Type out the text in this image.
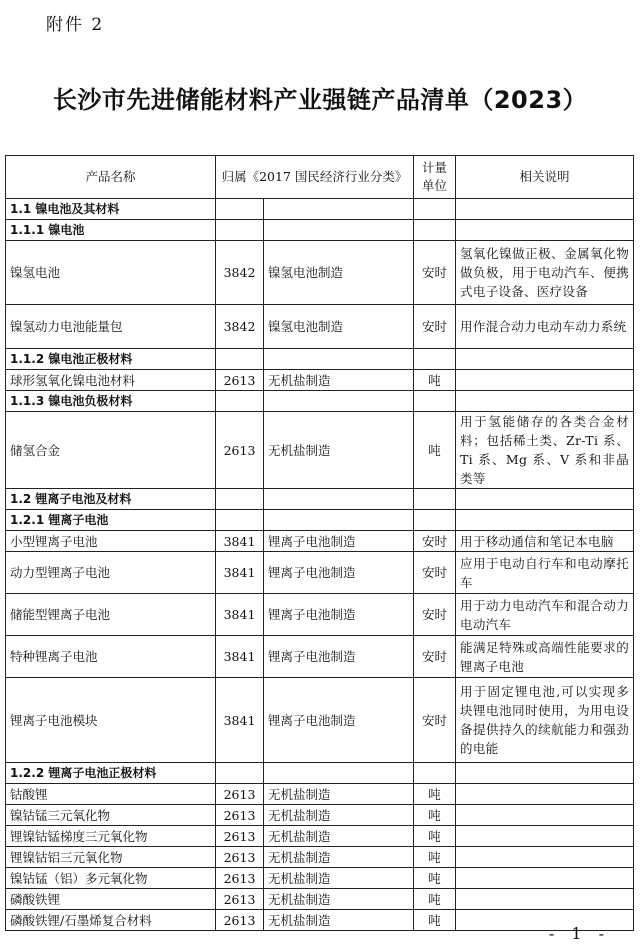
附件 2
长沙市先进储能材料产业强链产品清单（2023）
产品名称	归属《2017 国民经济行业分类》		计量单位	相关说明
1.1 镍电池及其材料				
1.1.1 镍电池				
镍氢电池	3842	镍氢电池制造	安时	氢氧化镍做正极、金属氧化物做负极，用于电动汽车、便携式电子设备、医疗设备
镍氢动力电池能量包	3842	镍氢电池制造	安时	用作混合动力电动车动力系统
1.1.2 镍电池正极材料				
球形氢氧化镍电池材料	2613	无机盐制造	吨	
1.1.3 镍电池负极材料				
储氢合金	2613	无机盐制造	吨	用于氢能储存的各类合金材料；包括稀土类、Zr-Ti 系、Ti 系、Mg 系、V 系和非晶类等
1.2 锂离子电池及材料				
1.2.1 锂离子电池				
小型锂离子电池	3841	锂离子电池制造	安时	用于移动通信和笔记本电脑
动力型锂离子电池	3841	锂离子电池制造	安时	应用于电动自行车和电动摩托车
储能型锂离子电池	3841	锂离子电池制造	安时	用于动力电动汽车和混合动力电动汽车
特种锂离子电池	3841	锂离子电池制造	安时	能满足特殊或高端性能要求的锂离子电池
锂离子电池模块	3841	锂离子电池制造	安时	用于固定锂电池,可以实现多块锂电池同时使用，为用电设备提供持久的续航能力和强劲的电能
1.2.2 锂离子电池正极材料				
钴酸锂	2613	无机盐制造	吨	
镍钴锰三元氧化物	2613	无机盐制造	吨	
锂镍钴锰梯度三元氧化物	2613	无机盐制造	吨	
锂镍钴铝三元氧化物	2613	无机盐制造	吨	
镍钴锰（铝）多元氧化物	2613	无机盐制造	吨	
磷酸铁锂	2613	无机盐制造	吨	
磷酸铁锂/石墨烯复合材料	2613	无机盐制造	吨	
- 1 -
